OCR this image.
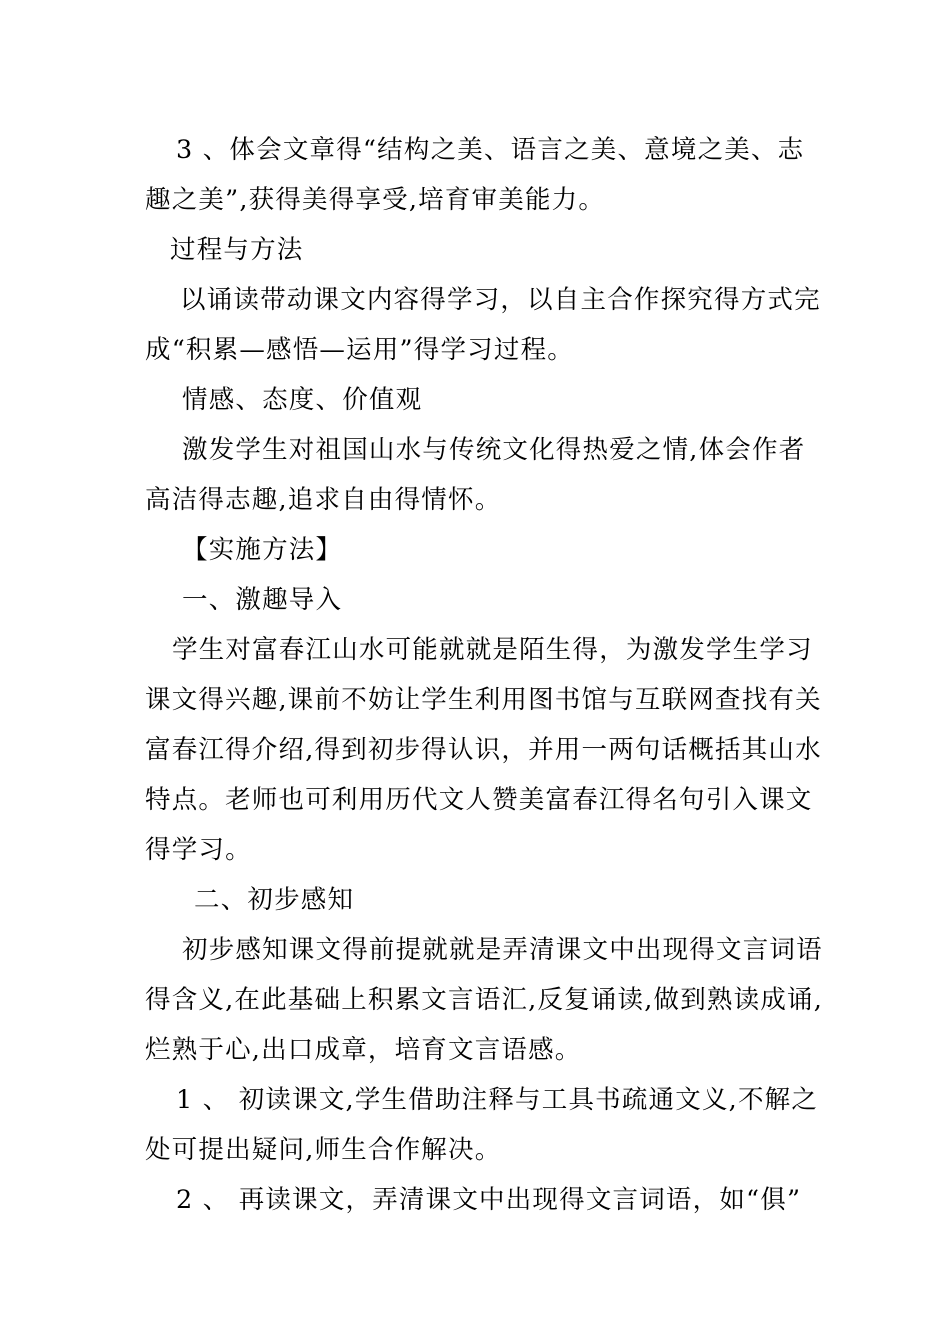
3 、体会文章得“结构之美、语言之美、意境之美、志
趣之美”,获得美得享受,培育审美能力。
过程与方法
以诵读带动课文内容得学习，以自主合作探究得方式完
成“积累—感悟—运用”得学习过程。
情感、态度、价值观
激发学生对祖国山水与传统文化得热爱之情,体会作者
高洁得志趣,追求自由得情怀。
【实施方法】
一、激趣导入
学生对富春江山水可能就就是陌生得，为激发学生学习
课文得兴趣,课前不妨让学生利用图书馆与互联网查找有关
富春江得介绍,得到初步得认识，并用一两句话概括其山水
特点。老师也可利用历代文人赞美富春江得名句引入课文
得学习。
二、初步感知
初步感知课文得前提就就是弄清课文中出现得文言词语
得含义,在此基础上积累文言语汇,反复诵读,做到熟读成诵,
烂熟于心,出口成章，培育文言语感。
1 、 初读课文,学生借助注释与工具书疏通文义,不解之
处可提出疑问,师生合作解决。
2 、 再读课文，弄清课文中出现得文言词语，如“俱”
